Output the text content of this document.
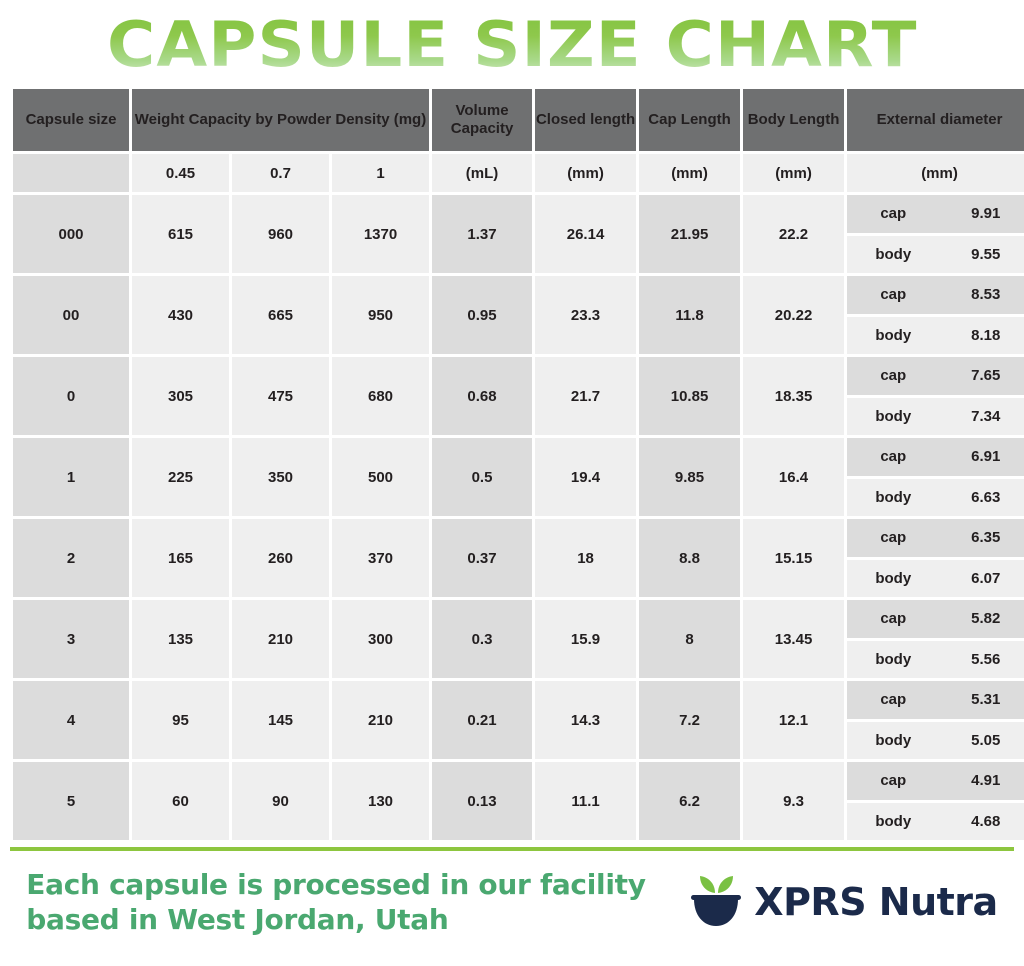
CAPSULE SIZE CHART
Capsule size	Weight Capacity by Powder Density (mg)			Volume Capacity	Closed length	Cap Length	Body Length	External diameter
	0.45	0.7	1	(mL)	(mm)	(mm)	(mm)	(mm)
000	615	960	1370	1.37	26.14	21.95	22.2	cap 9.91
body 9.55

00	430	665	950	0.95	23.3	11.8	20.22	cap 8.53
body 8.18

0	305	475	680	0.68	21.7	10.85	18.35	cap 7.65
body 7.34

1	225	350	500	0.5	19.4	9.85	16.4	cap 6.91
body 6.63

2	165	260	370	0.37	18	8.8	15.15	cap 6.35
body 6.07

3	135	210	300	0.3	15.9	8	13.45	cap 5.82
body 5.56

4	95	145	210	0.21	14.3	7.2	12.1	cap 5.31
body 5.05

5	60	90	130	0.13	11.1	6.2	9.3	cap 4.91
body 4.68
Each capsule is processed in our facility based in West Jordan, Utah	XPRS Nutra
